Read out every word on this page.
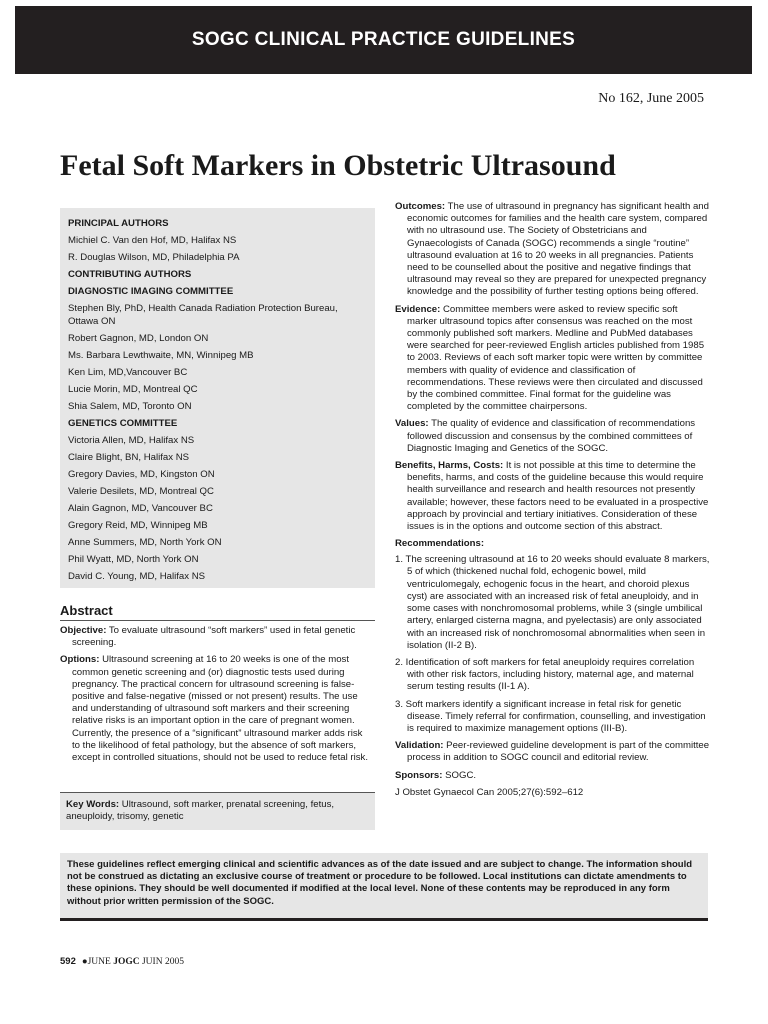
SOGC CLINICAL PRACTICE GUIDELINES
No 162, June 2005
Fetal Soft Markers in Obstetric Ultrasound
PRINCIPAL AUTHORS
Michiel C. Van den Hof, MD, Halifax NS
R. Douglas Wilson, MD, Philadelphia PA
CONTRIBUTING AUTHORS
DIAGNOSTIC IMAGING COMMITTEE
Stephen Bly, PhD, Health Canada Radiation Protection Bureau, Ottawa ON
Robert Gagnon, MD, London ON
Ms. Barbara Lewthwaite, MN, Winnipeg MB
Ken Lim, MD,Vancouver BC
Lucie Morin, MD, Montreal QC
Shia Salem, MD, Toronto ON
GENETICS COMMITTEE
Victoria Allen, MD, Halifax NS
Claire Blight, BN, Halifax NS
Gregory Davies, MD, Kingston ON
Valerie Desilets, MD, Montreal QC
Alain Gagnon, MD, Vancouver BC
Gregory Reid, MD, Winnipeg MB
Anne Summers, MD, North York ON
Phil Wyatt, MD, North York ON
David C. Young, MD, Halifax NS
Abstract

Objective: To evaluate ultrasound “soft markers” used in fetal genetic screening.

Options: Ultrasound screening at 16 to 20 weeks is one of the most common genetic screening and (or) diagnostic tests used during pregnancy. The practical concern for ultrasound screening is false-positive and false-negative (missed or not present) results. The use and understanding of ultrasound soft markers and their screening relative risks is an important option in the care of pregnant women. Currently, the presence of a “significant” ultrasound marker adds risk to the likelihood of fetal pathology, but the absence of soft markers, except in controlled situations, should not be used to reduce fetal risk.

Key Words: Ultrasound, soft marker, prenatal screening, fetus, aneuploidy, trisomy, genetic

Outcomes: The use of ultrasound in pregnancy has significant health and economic outcomes for families and the health care system, compared with no ultrasound use. The Society of Obstetricians and Gynaecologists of Canada (SOGC) recommends a single “routine” ultrasound evaluation at 16 to 20 weeks in all pregnancies. Patients need to be counselled about the positive and negative findings that ultrasound may reveal so they are prepared for unexpected pregnancy knowledge and the possibility of further testing options being offered.

Evidence: Committee members were asked to review specific soft marker ultrasound topics after consensus was reached on the most commonly published soft markers. Medline and PubMed databases were searched for peer-reviewed English articles published from 1985 to 2003. Reviews of each soft marker topic were written by committee members with quality of evidence and classification of recommendations. These reviews were then circulated and discussed by the combined committee. Final format for the guideline was completed by the committee chairpersons.

Values: The quality of evidence and classification of recommendations followed discussion and consensus by the combined committees of Diagnostic Imaging and Genetics of the SOGC.

Benefits, Harms, Costs: It is not possible at this time to determine the benefits, harms, and costs of the guideline because this would require health surveillance and research and health resources not presently available; however, these factors need to be evaluated in a prospective approach by provincial and tertiary initiatives. Consideration of these issues is in the options and outcome section of this abstract.

Recommendations:

1. The screening ultrasound at 16 to 20 weeks should evaluate 8 markers, 5 of which (thickened nuchal fold, echogenic bowel, mild ventriculomegaly, echogenic focus in the heart, and choroid plexus cyst) are associated with an increased risk of fetal aneuploidy, and in some cases with nonchromosomal problems, while 3 (single umbilical artery, enlarged cisterna magna, and pyelectasis) are only associated with an increased risk of nonchromosomal abnormalities when seen in isolation (II-2 B).

2. Identification of soft markers for fetal aneuploidy requires correlation with other risk factors, including history, maternal age, and maternal serum testing results (II-1 A).

3. Soft markers identify a significant increase in fetal risk for genetic disease. Timely referral for confirmation, counselling, and investigation is required to maximize management options (III-B).

Validation: Peer-reviewed guideline development is part of the committee process in addition to SOGC council and editorial review.

Sponsors: SOGC.

J Obstet Gynaecol Can 2005;27(6):592–612

These guidelines reflect emerging clinical and scientific advances as of the date issued and are subject to change. The information should not be construed as dictating an exclusive course of treatment or procedure to be followed. Local institutions can dictate amendments to these opinions. They should be well documented if modified at the local level. None of these contents may be reproduced in any form without prior written permission of the SOGC.
592 ●JUNE JOGC JUIN 2005
